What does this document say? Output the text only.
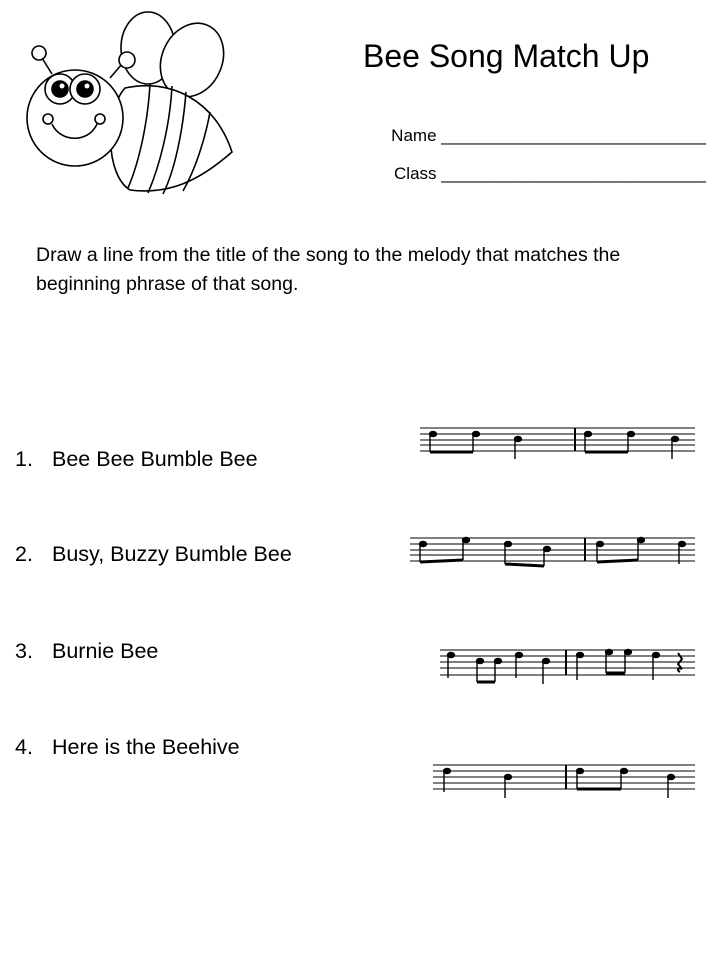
Bee Song Match Up
Name ____________________________
Class ____________________________
Draw a line from the title of the song to the melody that matches the beginning phrase of that song.
1. Bee Bee Bumble Bee
2. Busy, Buzzy Bumble Bee
3. Burnie Bee
4. Here is the Beehive
